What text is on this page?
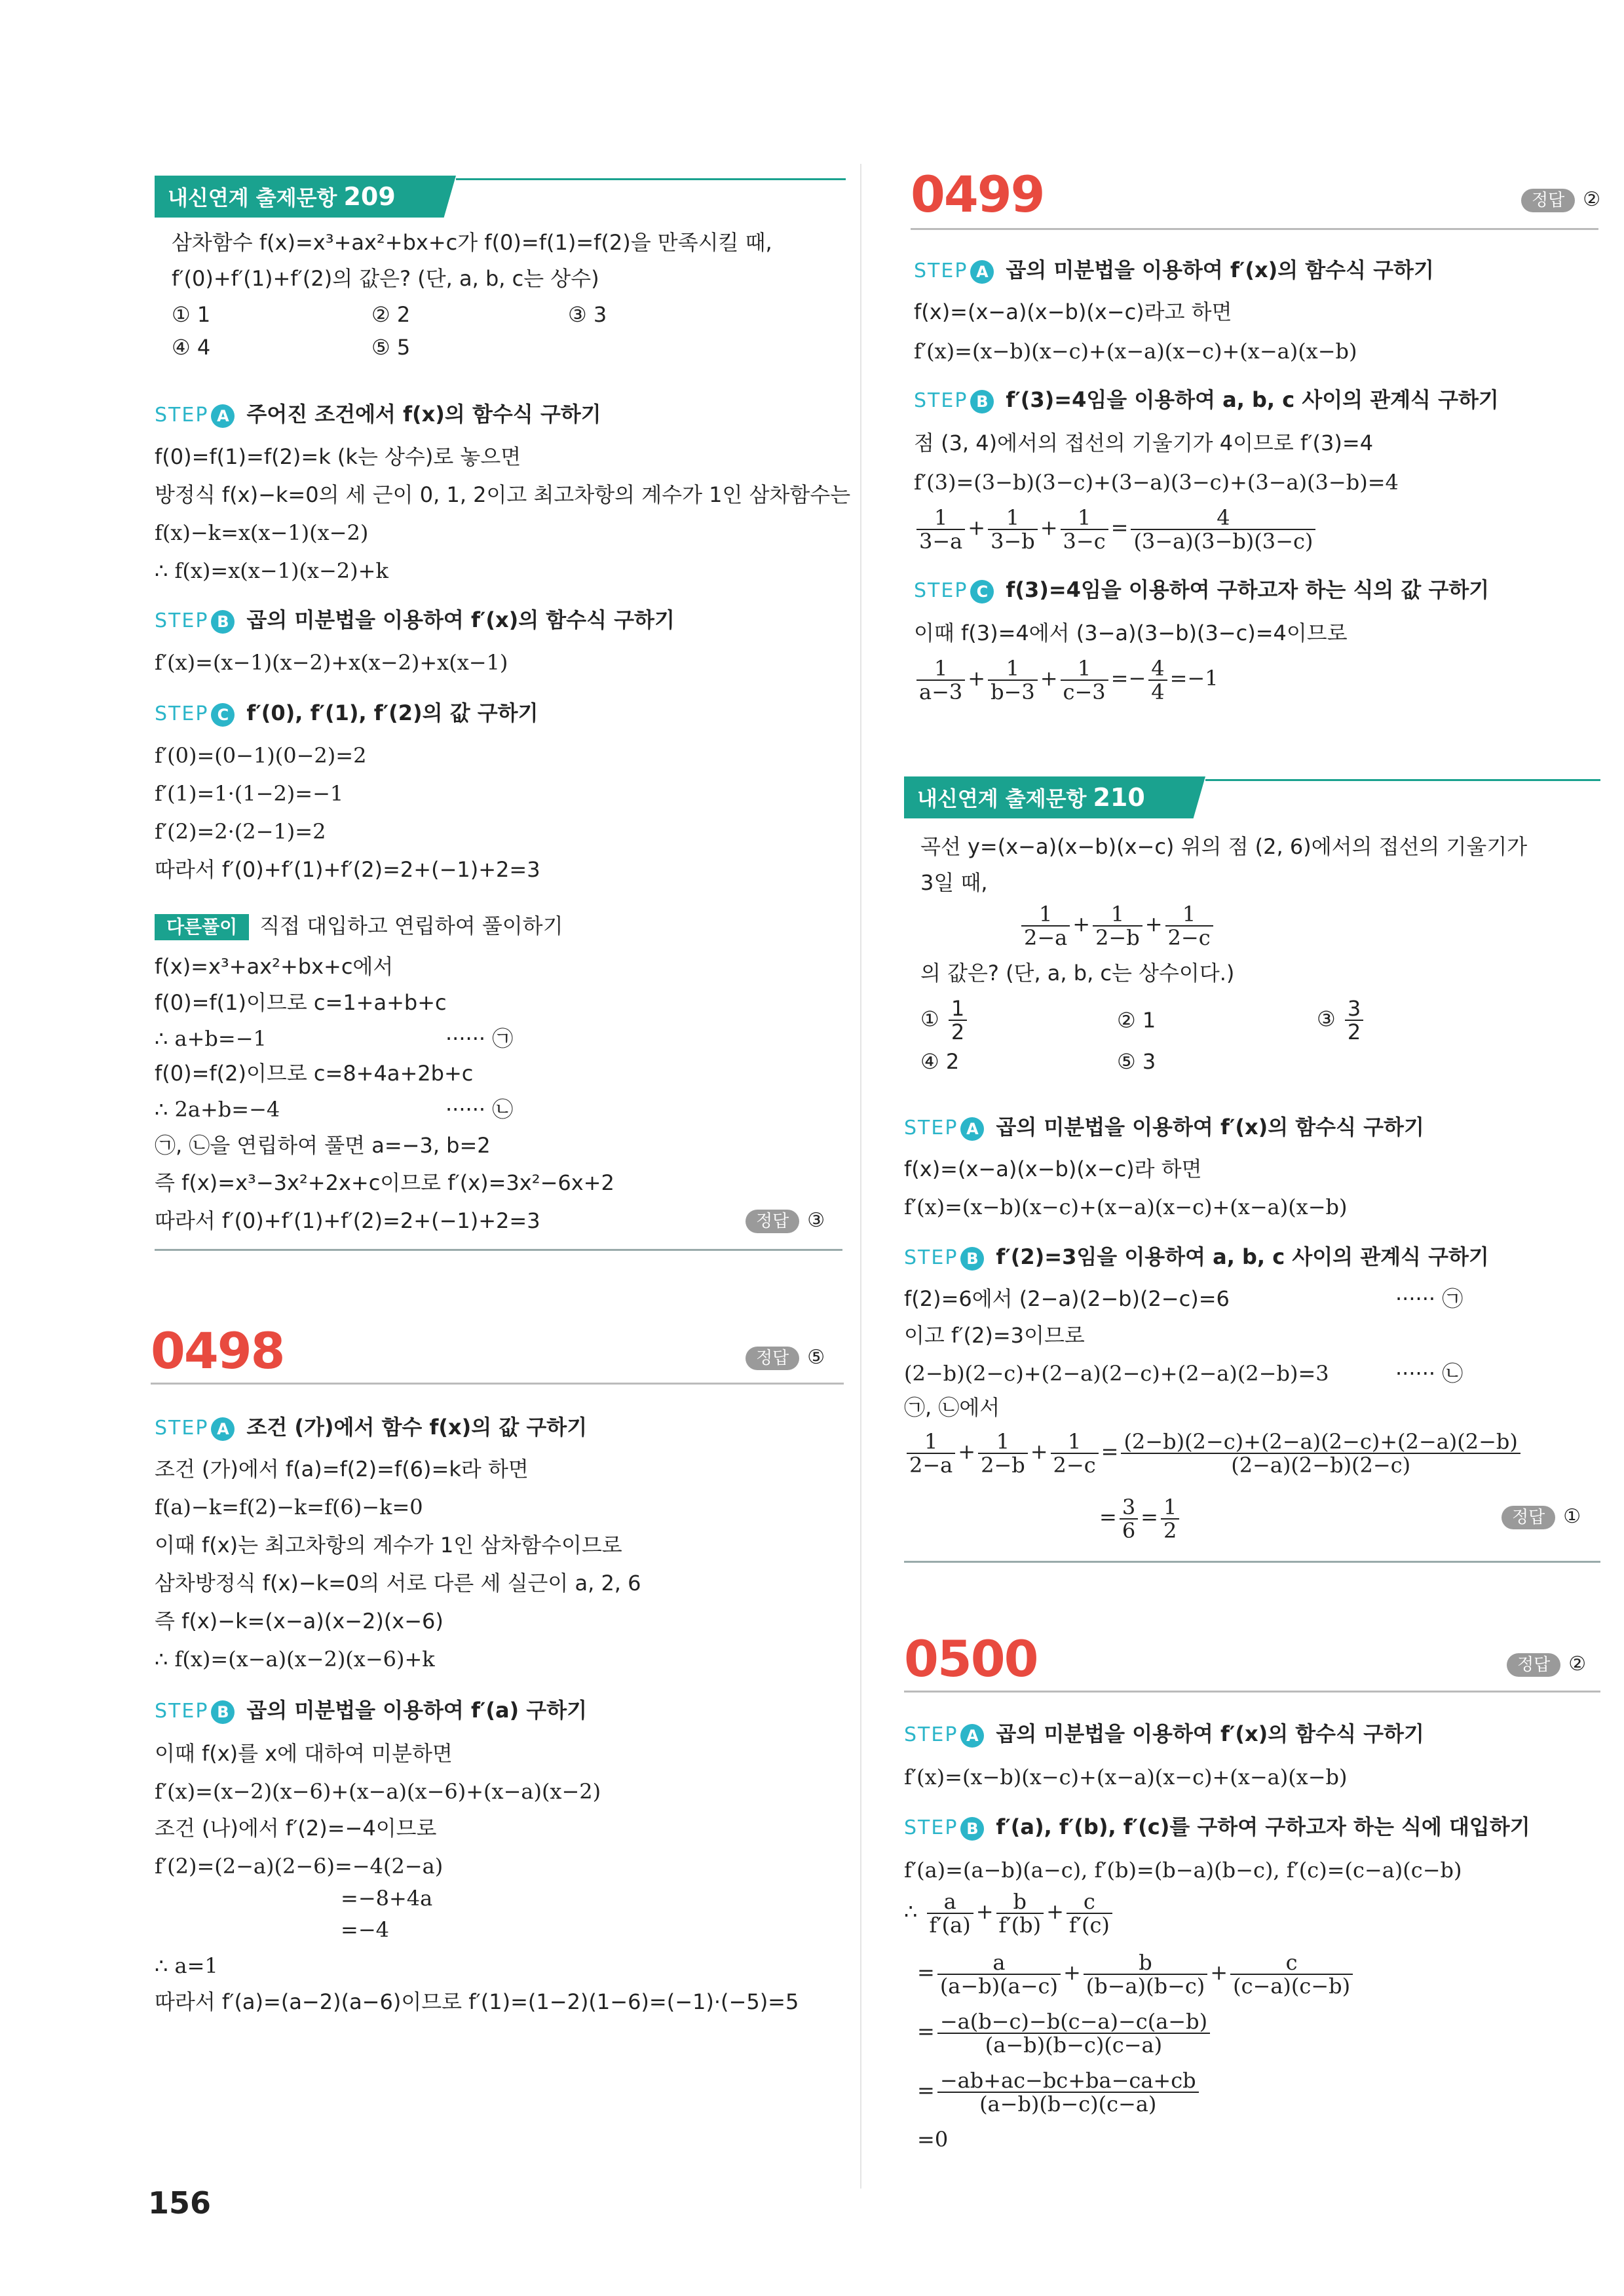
내신연계 출제문항 209
삼차함수 f(x)=x³+ax²+bx+c가 f(0)=f(1)=f(2)을 만족시킬 때,
f′(0)+f′(1)+f′(2)의 값은? (단, a, b, c는 상수)
① 1	② 2	③ 3
④ 4	⑤ 5
STEP A 주어진 조건에서 f(x)의 함수식 구하기
f(0)=f(1)=f(2)=k (k는 상수)로 놓으면
방정식 f(x)−k=0의 세 근이 0, 1, 2이고 최고차항의 계수가 1인 삼차함수는
f(x)−k=x(x−1)(x−2)
∴ f(x)=x(x−1)(x−2)+k
STEP B 곱의 미분법을 이용하여 f′(x)의 함수식 구하기
f′(x)=(x−1)(x−2)+x(x−2)+x(x−1)
STEP C f′(0), f′(1), f′(2)의 값 구하기
f′(0)=(0−1)(0−2)=2
f′(1)=1·(1−2)=−1
f′(2)=2·(2−1)=2
따라서 f′(0)+f′(1)+f′(2)=2+(−1)+2=3
다른풀이 직접 대입하고 연립하여 풀이하기
f(x)=x³+ax²+bx+c에서
f(0)=f(1)이므로 c=1+a+b+c
∴ a+b=−1	······ ㉠
f(0)=f(2)이므로 c=8+4a+2b+c
∴ 2a+b=−4	······ ㉡
㉠, ㉡을 연립하여 풀면 a=−3, b=2
즉 f(x)=x³−3x²+2x+c이므로 f′(x)=3x²−6x+2
따라서 f′(0)+f′(1)+f′(2)=2+(−1)+2=3	정답 ③
0498	정답 ⑤
STEP A 조건 (가)에서 함수 f(x)의 값 구하기
조건 (가)에서 f(a)=f(2)=f(6)=k라 하면
f(a)−k=f(2)−k=f(6)−k=0
이때 f(x)는 최고차항의 계수가 1인 삼차함수이므로
삼차방정식 f(x)−k=0의 서로 다른 세 실근이 a, 2, 6
즉 f(x)−k=(x−a)(x−2)(x−6)
∴ f(x)=(x−a)(x−2)(x−6)+k
STEP B 곱의 미분법을 이용하여 f′(a) 구하기
이때 f(x)를 x에 대하여 미분하면
f′(x)=(x−2)(x−6)+(x−a)(x−6)+(x−a)(x−2)
조건 (나)에서 f′(2)=−4이므로
f′(2)=(2−a)(2−6)=−4(2−a)
=−8+4a
=−4
∴ a=1
따라서 f′(a)=(a−2)(a−6)이므로 f′(1)=(1−2)(1−6)=(−1)·(−5)=5
0499	정답 ②
STEP A 곱의 미분법을 이용하여 f′(x)의 함수식 구하기
f(x)=(x−a)(x−b)(x−c)라고 하면
f′(x)=(x−b)(x−c)+(x−a)(x−c)+(x−a)(x−b)
STEP B f′(3)=4임을 이용하여 a, b, c 사이의 관계식 구하기
점 (3, 4)에서의 접선의 기울기가 4이므로 f′(3)=4
f′(3)=(3−b)(3−c)+(3−a)(3−c)+(3−a)(3−b)=4
$\frac{1}{3-a} + \frac{1}{3-b} + \frac{1}{3-c} = \frac{4}{(3-a)(3-b)(3-c)}$
STEP C f(3)=4임을 이용하여 구하고자 하는 식의 값 구하기
이때 f(3)=4에서 (3−a)(3−b)(3−c)=4이므로
$\frac{1}{a-3} + \frac{1}{b-3} + \frac{1}{c-3} =- \frac{4}{4} =-1$
내신연계 출제문항 210
곡선 y=(x−a)(x−b)(x−c) 위의 점 (2, 6)에서의 접선의 기울기가
3일 때,
$\frac{1}{2-a} + \frac{1}{2-b} + \frac{1}{2-c}$
의 값은? (단, a, b, c는 상수이다.)
① $\frac{1}{2}$	② 1	③ $\frac{3}{2}$
④ 2	⑤ 3
STEP A 곱의 미분법을 이용하여 f′(x)의 함수식 구하기
f(x)=(x−a)(x−b)(x−c)라 하면
f′(x)=(x−b)(x−c)+(x−a)(x−c)+(x−a)(x−b)
STEP B f′(2)=3임을 이용하여 a, b, c 사이의 관계식 구하기
f(2)=6에서 (2−a)(2−b)(2−c)=6	······ ㉠
이고 f′(2)=3이므로
(2−b)(2−c)+(2−a)(2−c)+(2−a)(2−b)=3	······ ㉡
㉠, ㉡에서
$\frac{1}{2-a} + \frac{1}{2-b} + \frac{1}{2-c} = \frac{(2-b)(2-c)+(2-a)(2-c)+(2-a)(2-b)}{(2-a)(2-b)(2-c)}$
= $\frac{3}{6} = \frac{1}{2}$	정답 ①
0500	정답 ②
STEP A 곱의 미분법을 이용하여 f′(x)의 함수식 구하기
f′(x)=(x−b)(x−c)+(x−a)(x−c)+(x−a)(x−b)
STEP B f′(a), f′(b), f′(c)를 구하여 구하고자 하는 식에 대입하기
f′(a)=(a−b)(a−c), f′(b)=(b−a)(b−c), f′(c)=(c−a)(c−b)
∴ $\frac{a}{f'(a)} + \frac{b}{f'(b)} + \frac{c}{f'(c)}$
= $\frac{a}{(a-b)(a-c)} + \frac{b}{(b-a)(b-c)} + \frac{c}{(c-a)(c-b)}$
= $\frac{-a(b-c)-b(c-a)-c(a-b)}{(a-b)(b-c)(c-a)}$
= $\frac{-ab+ac-bc+ba-ca+cb}{(a-b)(b-c)(c-a)}$
=0
156
